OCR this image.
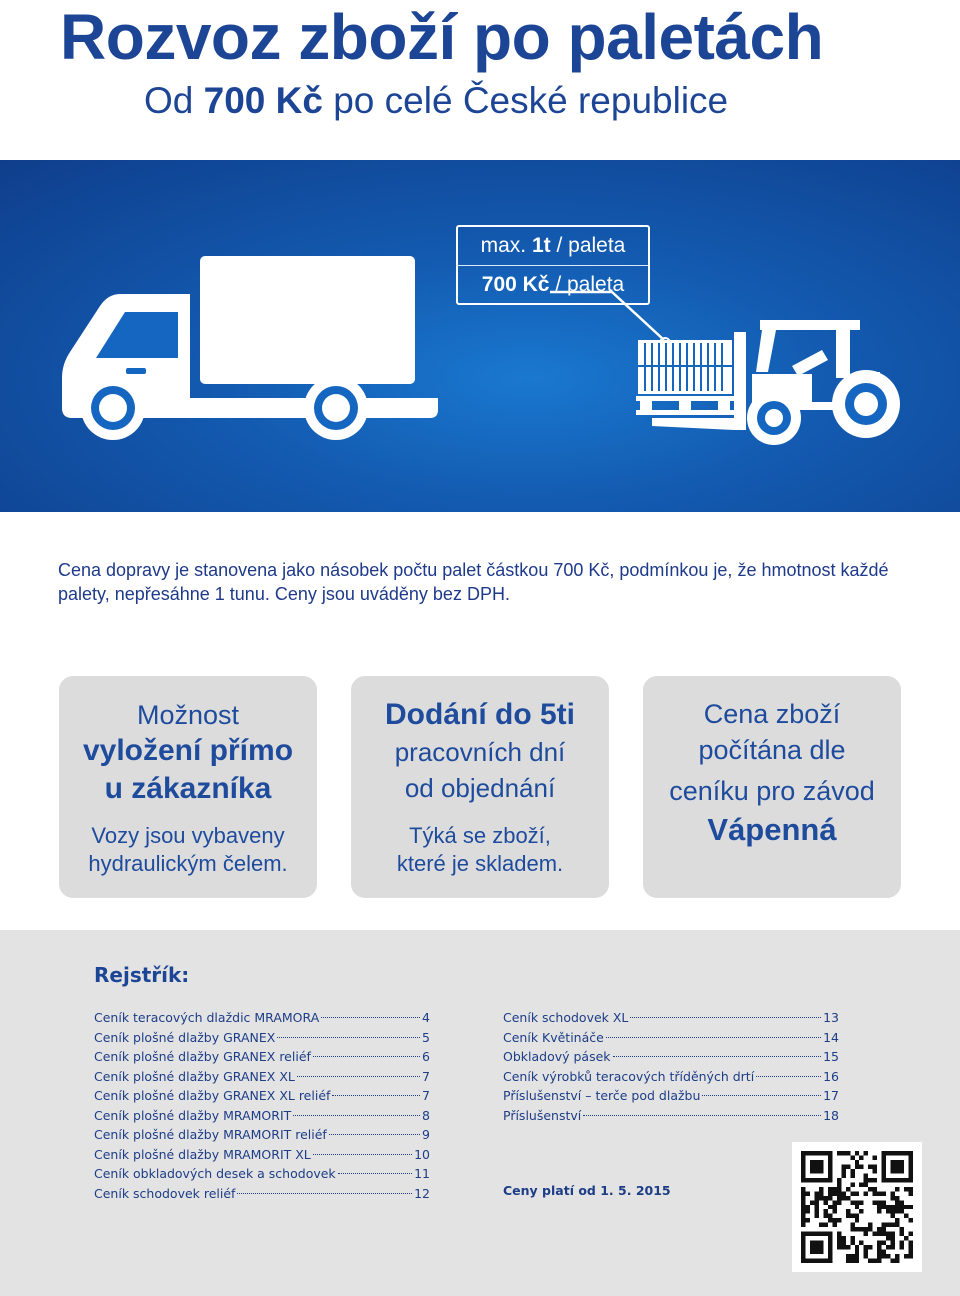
Rozvoz zboží po paletách

Od 700 Kč po celé České republice

max. 1t / paleta
700 Kč / paleta

Cena dopravy je stanovena jako násobek počtu palet částkou 700 Kč, podmínkou je, že hmotnost každé palety, nepřesáhne 1 tunu. Ceny jsou uváděny bez DPH.

Možnost
vyložení přímo
u zákazníka
Vozy jsou vybaveny
hydraulickým čelem.
Dodání do 5ti
pracovních dní
od objednání
Týká se zboží,
které je skladem.
Cena zboží
počítána dle
ceníku pro závod
Vápenná
Rejstřík:
Ceník teracových dlaždic MRAMORA	4
Ceník plošné dlažby GRANEX	5
Ceník plošné dlažby GRANEX reliéf	6
Ceník plošné dlažby GRANEX XL	7
Ceník plošné dlažby GRANEX XL reliéf	7
Ceník plošné dlažby MRAMORIT	8
Ceník plošné dlažby MRAMORIT reliéf	9
Ceník plošné dlažby MRAMORIT XL	10
Ceník obkladových desek a schodovek	11
Ceník schodovek reliéf	12
Ceník schodovek XL	13
Ceník Květináče	14
Obkladový pásek	15
Ceník výrobků teracových tříděných drtí	16
Příslušenství – terče pod dlažbu	17
Příslušenství	18

Ceny platí od 1. 5. 2015
